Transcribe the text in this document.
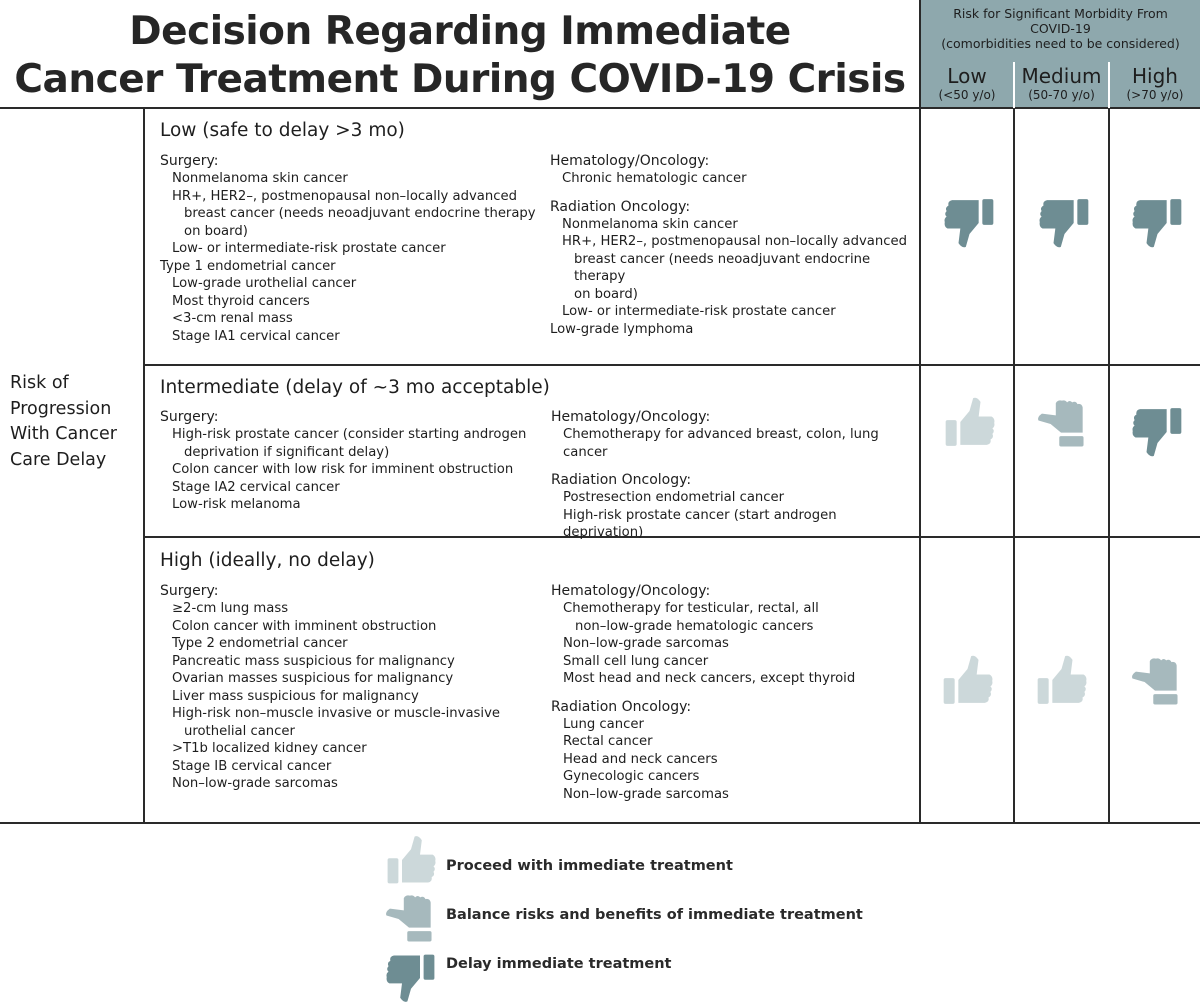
Decision Regarding Immediate
Cancer Treatment During COVID-19 Crisis
Risk for Significant Morbidity From
COVID-19
(comorbidities need to be considered)
Low
(<50 y/o)
Medium
(50-70 y/o)
High
(>70 y/o)
Risk of
Progression
With Cancer
Care Delay
Low (safe to delay >3 mo)
Surgery:
Nonmelanoma skin cancer
HR+, HER2–, postmenopausal non–locally advanced
breast cancer (needs neoadjuvant endocrine therapy
on board)
Low- or intermediate-risk prostate cancer
Type 1 endometrial cancer
Low-grade urothelial cancer
Most thyroid cancers
<3-cm renal mass
Stage IA1 cervical cancer
Hematology/Oncology:
Chronic hematologic cancer
Radiation Oncology:
Nonmelanoma skin cancer
HR+, HER2–, postmenopausal non–locally advanced
breast cancer (needs neoadjuvant endocrine therapy
on board)
Low- or intermediate-risk prostate cancer
Low-grade lymphoma
Intermediate (delay of ~3 mo acceptable)
Surgery:
High-risk prostate cancer (consider starting androgen
deprivation if significant delay)
Colon cancer with low risk for imminent obstruction
Stage IA2 cervical cancer
Low-risk melanoma
Hematology/Oncology:
Chemotherapy for advanced breast, colon, lung cancer
Radiation Oncology:
Postresection endometrial cancer
High-risk prostate cancer (start androgen deprivation)
High (ideally, no delay)
Surgery:
≥2-cm lung mass
Colon cancer with imminent obstruction
Type 2 endometrial cancer
Pancreatic mass suspicious for malignancy
Ovarian masses suspicious for malignancy
Liver mass suspicious for malignancy
High-risk non–muscle invasive or muscle-invasive
urothelial cancer
>T1b localized kidney cancer
Stage IB cervical cancer
Non–low-grade sarcomas
Hematology/Oncology:
Chemotherapy for testicular, rectal, all
non–low-grade hematologic cancers
Non–low-grade sarcomas
Small cell lung cancer
Most head and neck cancers, except thyroid
Radiation Oncology:
Lung cancer
Rectal cancer
Head and neck cancers
Gynecologic cancers
Non–low-grade sarcomas
Proceed with immediate treatment
Balance risks and benefits of immediate treatment
Delay immediate treatment
